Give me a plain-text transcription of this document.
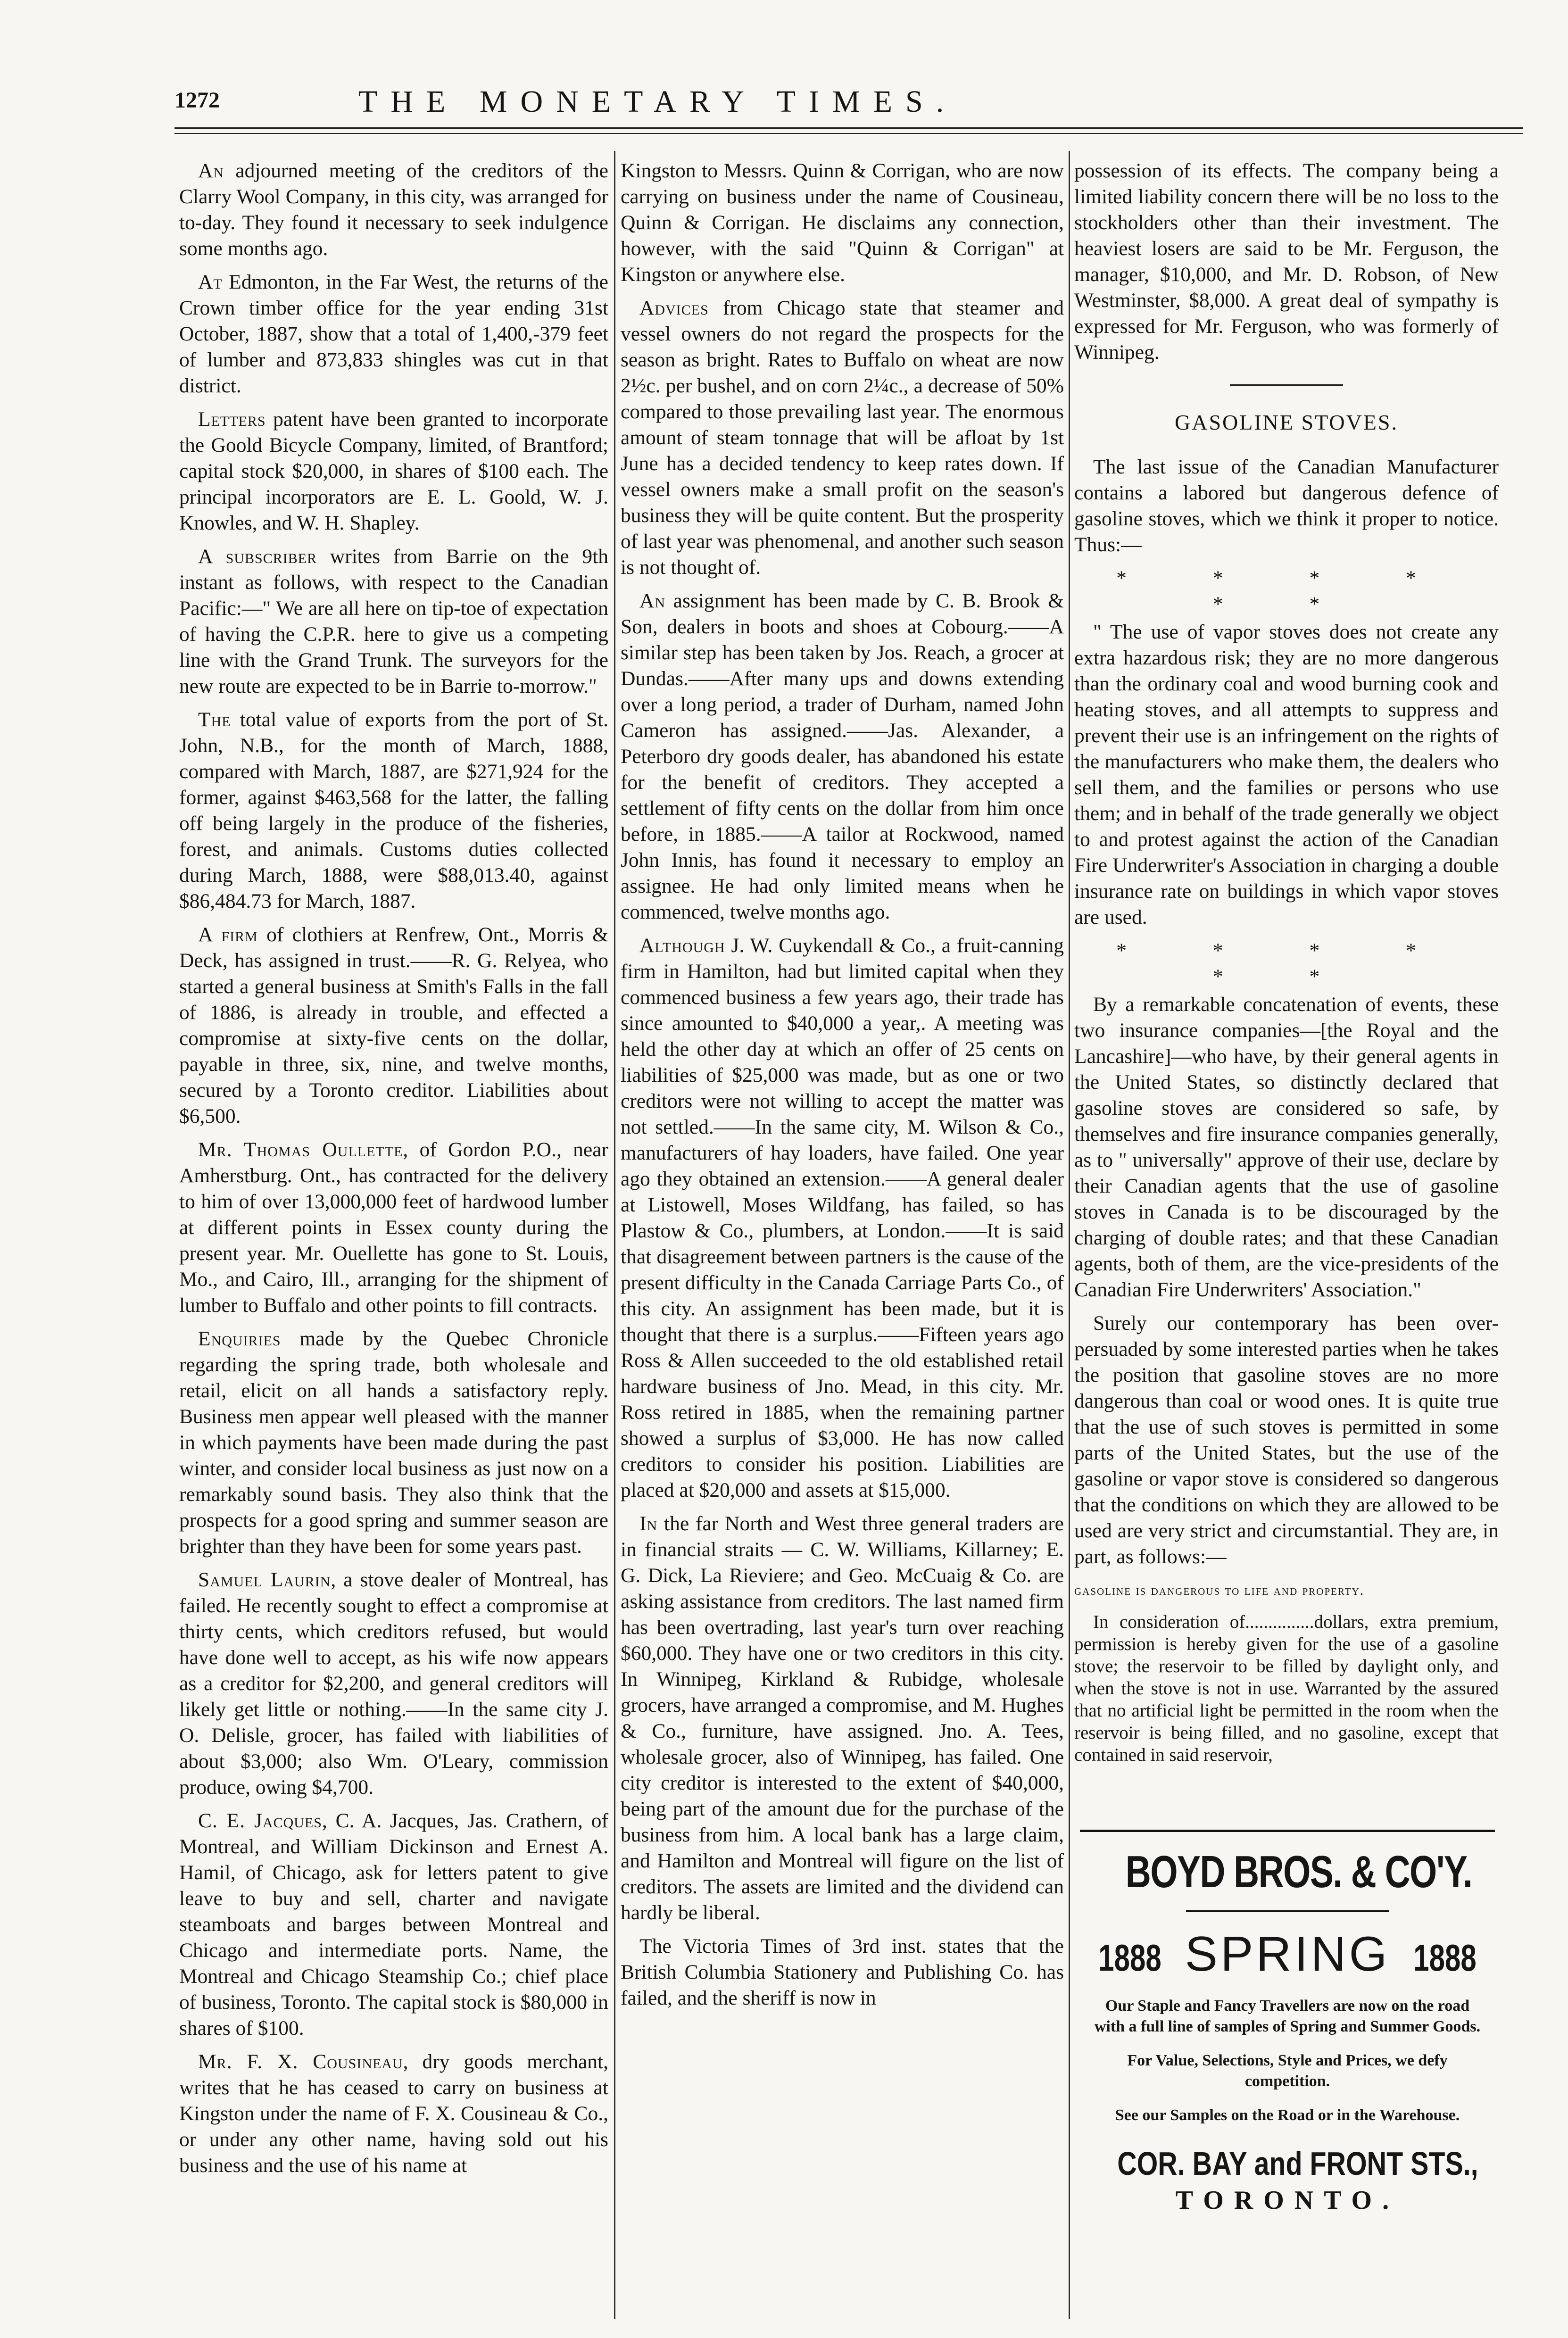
1272	THE MONETARY TIMES.

An adjourned meeting of the creditors of the Clarry Wool Company, in this city, was arranged for to-day. They found it necessary to seek indulgence some months ago.

At Edmonton, in the Far West, the returns of the Crown timber office for the year ending 31st October, 1887, show that a total of 1,400,-379 feet of lumber and 873,833 shingles was cut in that district.

Letters patent have been granted to incorporate the Goold Bicycle Company, limited, of Brantford; capital stock $20,000, in shares of $100 each. The principal incorporators are E. L. Goold, W. J. Knowles, and W. H. Shapley.

A subscriber writes from Barrie on the 9th instant as follows, with respect to the Canadian Pacific:—" We are all here on tip-toe of expectation of having the C.P.R. here to give us a competing line with the Grand Trunk. The surveyors for the new route are expected to be in Barrie to-morrow."

The total value of exports from the port of St. John, N.B., for the month of March, 1888, compared with March, 1887, are $271,924 for the former, against $463,568 for the latter, the falling off being largely in the produce of the fisheries, forest, and animals. Customs duties collected during March, 1888, were $88,013.40, against $86,484.73 for March, 1887.

A firm of clothiers at Renfrew, Ont., Morris & Deck, has assigned in trust.——R. G. Relyea, who started a general business at Smith's Falls in the fall of 1886, is already in trouble, and effected a compromise at sixty-five cents on the dollar, payable in three, six, nine, and twelve months, secured by a Toronto creditor. Liabilities about $6,500.

Mr. Thomas Oullette, of Gordon P.O., near Amherstburg. Ont., has contracted for the delivery to him of over 13,000,000 feet of hardwood lumber at different points in Essex county during the present year. Mr. Ouellette has gone to St. Louis, Mo., and Cairo, Ill., arranging for the shipment of lumber to Buffalo and other points to fill contracts.

Enquiries made by the Quebec Chronicle regarding the spring trade, both wholesale and retail, elicit on all hands a satisfactory reply. Business men appear well pleased with the manner in which payments have been made during the past winter, and consider local business as just now on a remarkably sound basis. They also think that the prospects for a good spring and summer season are brighter than they have been for some years past.

Samuel Laurin, a stove dealer of Montreal, has failed. He recently sought to effect a compromise at thirty cents, which creditors refused, but would have done well to accept, as his wife now appears as a creditor for $2,200, and general creditors will likely get little or nothing.——In the same city J. O. Delisle, grocer, has failed with liabilities of about $3,000; also Wm. O'Leary, commission produce, owing $4,700.

C. E. Jacques, C. A. Jacques, Jas. Crathern, of Montreal, and William Dickinson and Ernest A. Hamil, of Chicago, ask for letters patent to give leave to buy and sell, charter and navigate steamboats and barges between Montreal and Chicago and intermediate ports. Name, the Montreal and Chicago Steamship Co.; chief place of business, Toronto. The capital stock is $80,000 in shares of $100.

Mr. F. X. Cousineau, dry goods merchant, writes that he has ceased to carry on business at Kingston under the name of F. X. Cousineau & Co., or under any other name, having sold out his business and the use of his name at

Kingston to Messrs. Quinn & Corrigan, who are now carrying on business under the name of Cousineau, Quinn & Corrigan. He disclaims any connection, however, with the said "Quinn & Corrigan" at Kingston or anywhere else.

Advices from Chicago state that steamer and vessel owners do not regard the prospects for the season as bright. Rates to Buffalo on wheat are now 2½c. per bushel, and on corn 2¼c., a decrease of 50% compared to those prevailing last year. The enormous amount of steam tonnage that will be afloat by 1st June has a decided tendency to keep rates down. If vessel owners make a small profit on the season's business they will be quite content. But the prosperity of last year was phenomenal, and another such season is not thought of.

An assignment has been made by C. B. Brook & Son, dealers in boots and shoes at Cobourg.——A similar step has been taken by Jos. Reach, a grocer at Dundas.——After many ups and downs extending over a long period, a trader of Durham, named John Cameron has assigned.——Jas. Alexander, a Peterboro dry goods dealer, has abandoned his estate for the benefit of creditors. They accepted a settlement of fifty cents on the dollar from him once before, in 1885.——A tailor at Rockwood, named John Innis, has found it necessary to employ an assignee. He had only limited means when he commenced, twelve months ago.

Although J. W. Cuykendall & Co., a fruit-canning firm in Hamilton, had but limited capital when they commenced business a few years ago, their trade has since amounted to $40,000 a year,. A meeting was held the other day at which an offer of 25 cents on liabilities of $25,000 was made, but as one or two creditors were not willing to accept the matter was not settled.——In the same city, M. Wilson & Co., manufacturers of hay loaders, have failed. One year ago they obtained an extension.——A general dealer at Listowell, Moses Wildfang, has failed, so has Plastow & Co., plumbers, at London.——It is said that disagreement between partners is the cause of the present difficulty in the Canada Carriage Parts Co., of this city. An assignment has been made, but it is thought that there is a surplus.——Fifteen years ago Ross & Allen succeeded to the old established retail hardware business of Jno. Mead, in this city. Mr. Ross retired in 1885, when the remaining partner showed a surplus of $3,000. He has now called creditors to consider his position. Liabilities are placed at $20,000 and assets at $15,000.

In the far North and West three general traders are in financial straits — C. W. Williams, Killarney; E. G. Dick, La Rieviere; and Geo. McCuaig & Co. are asking assistance from creditors. The last named firm has been overtrading, last year's turn over reaching $60,000. They have one or two creditors in this city. In Winnipeg, Kirkland & Rubidge, wholesale grocers, have arranged a compromise, and M. Hughes & Co., furniture, have assigned. Jno. A. Tees, wholesale grocer, also of Winnipeg, has failed. One city creditor is interested to the extent of $40,000, being part of the amount due for the purchase of the business from him. A local bank has a large claim, and Hamilton and Montreal will figure on the list of creditors. The assets are limited and the dividend can hardly be liberal.

The Victoria Times of 3rd inst. states that the British Columbia Stationery and Publishing Co. has failed, and the sheriff is now in

possession of its effects. The company being a limited liability concern there will be no loss to the stockholders other than their investment. The heaviest losers are said to be Mr. Ferguson, the manager, $10,000, and Mr. D. Robson, of New Westminster, $8,000. A great deal of sympathy is expressed for Mr. Ferguson, who was formerly of Winnipeg.

GASOLINE STOVES.

The last issue of the Canadian Manufacturer contains a labored but dangerous defence of gasoline stoves, which we think it proper to notice. Thus:—

* * * * * *

" The use of vapor stoves does not create any extra hazardous risk; they are no more dangerous than the ordinary coal and wood burning cook and heating stoves, and all attempts to suppress and prevent their use is an infringement on the rights of the manufacturers who make them, the dealers who sell them, and the families or persons who use them; and in behalf of the trade generally we object to and protest against the action of the Canadian Fire Underwriter's Association in charging a double insurance rate on buildings in which vapor stoves are used.

* * * * * *

By a remarkable concatenation of events, these two insurance companies—[the Royal and the Lancashire]—who have, by their general agents in the United States, so distinctly declared that gasoline stoves are considered so safe, by themselves and fire insurance companies generally, as to " universally" approve of their use, declare by their Canadian agents that the use of gasoline stoves in Canada is to be discouraged by the charging of double rates; and that these Canadian agents, both of them, are the vice-presidents of the Canadian Fire Underwriters' Association."

Surely our contemporary has been over-persuaded by some interested parties when he takes the position that gasoline stoves are no more dangerous than coal or wood ones. It is quite true that the use of such stoves is permitted in some parts of the United States, but the use of the gasoline or vapor stove is considered so dangerous that the conditions on which they are allowed to be used are very strict and circumstantial. They are, in part, as follows:—

gasoline is dangerous to life and property.

In consideration of...............dollars, extra premium, permission is hereby given for the use of a gasoline stove; the reservoir to be filled by daylight only, and when the stove is not in use. Warranted by the assured that no artificial light be permitted in the room when the reservoir is being filled, and no gasoline, except that contained in said reservoir,

BOYD BROS. & CO'Y.
1888 SPRING 1888
Our Staple and Fancy Travellers are now on the road with a full line of samples of Spring and Summer Goods.
For Value, Selections, Style and Prices, we defy competition.
See our Samples on the Road or in the Warehouse.
COR. BAY and FRONT STS.,
TORONTO.
